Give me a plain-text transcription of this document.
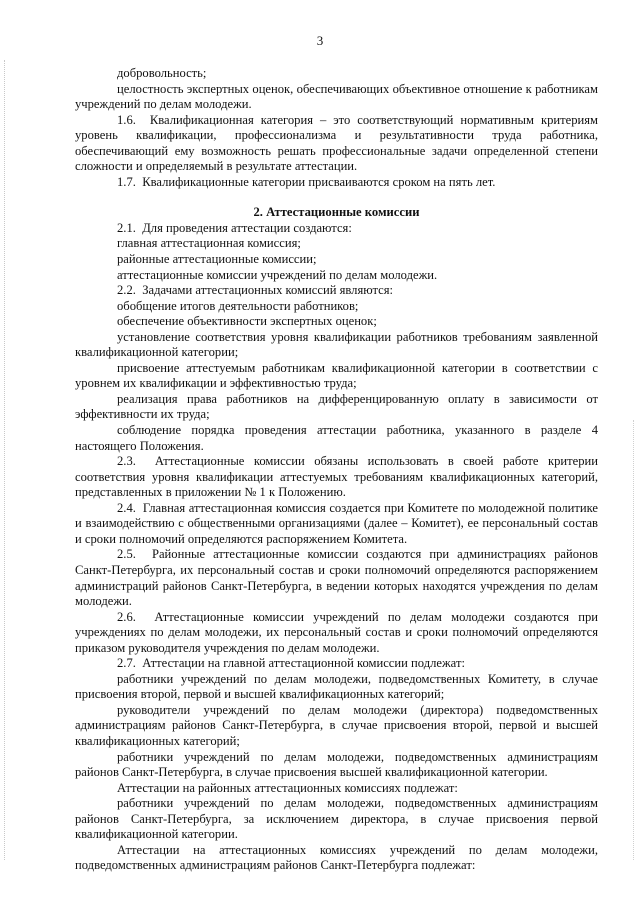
3

добровольность;

целостность экспертных оценок, обеспечивающих объективное отношение к работникам учреждений по делам молодежи.

1.6.  Квалификационная категория – это соответствующий нормативным критериям уровень квалификации, профессионализма и результативности труда работника, обеспечивающий ему возможность решать профессиональные задачи определенной степени сложности и определяемый в результате аттестации.

1.7.  Квалификационные категории присваиваются сроком на пять лет.

2. Аттестационные комиссии

2.1.  Для проведения аттестации создаются:

главная аттестационная комиссия;

районные аттестационные комиссии;

аттестационные комиссии учреждений по делам молодежи.

2.2.  Задачами аттестационных комиссий являются:

обобщение итогов деятельности работников;

обеспечение объективности экспертных оценок;

установление соответствия уровня квалификации работников требованиям заявленной квалификационной категории;

присвоение аттестуемым работникам квалификационной категории в соответствии с уровнем их квалификации и эффективностью труда;

реализация права работников на дифференцированную оплату в зависимости от эффективности их труда;

соблюдение порядка проведения аттестации работника, указанного в разделе 4 настоящего Положения.

2.3.  Аттестационные комиссии обязаны использовать в своей работе критерии соответствия уровня квалификации аттестуемых требованиям квалификационных категорий, представленных в приложении № 1 к Положению.

2.4.  Главная аттестационная комиссия создается при Комитете по молодежной политике и взаимодействию с общественными организациями (далее – Комитет), ее персональный состав и сроки полномочий определяются распоряжением Комитета.

2.5.  Районные аттестационные комиссии создаются при администрациях районов Санкт-Петербурга, их персональный состав и сроки полномочий определяются распоряжением администраций районов Санкт-Петербурга, в ведении которых находятся учреждения по делам молодежи.

2.6.  Аттестационные комиссии учреждений по делам молодежи создаются при учреждениях по делам молодежи, их персональный состав и сроки полномочий определяются приказом руководителя учреждения по делам молодежи.

2.7.  Аттестации на главной аттестационной комиссии подлежат:

работники учреждений по делам молодежи, подведомственных Комитету, в случае присвоения второй, первой и высшей квалификационных категорий;

руководители учреждений по делам молодежи (директора) подведомственных администрациям районов Санкт-Петербурга, в случае присвоения второй, первой и высшей квалификационных категорий;

работники учреждений по делам молодежи, подведомственных администрациям районов Санкт-Петербурга, в случае присвоения высшей квалификационной категории.

Аттестации на районных аттестационных комиссиях подлежат:

работники учреждений по делам молодежи, подведомственных администрациям районов Санкт-Петербурга, за исключением директора, в случае присвоения первой квалификационной категории.

Аттестации на аттестационных комиссиях учреждений по делам молодежи, подведомственных администрациям районов Санкт-Петербурга подлежат:
